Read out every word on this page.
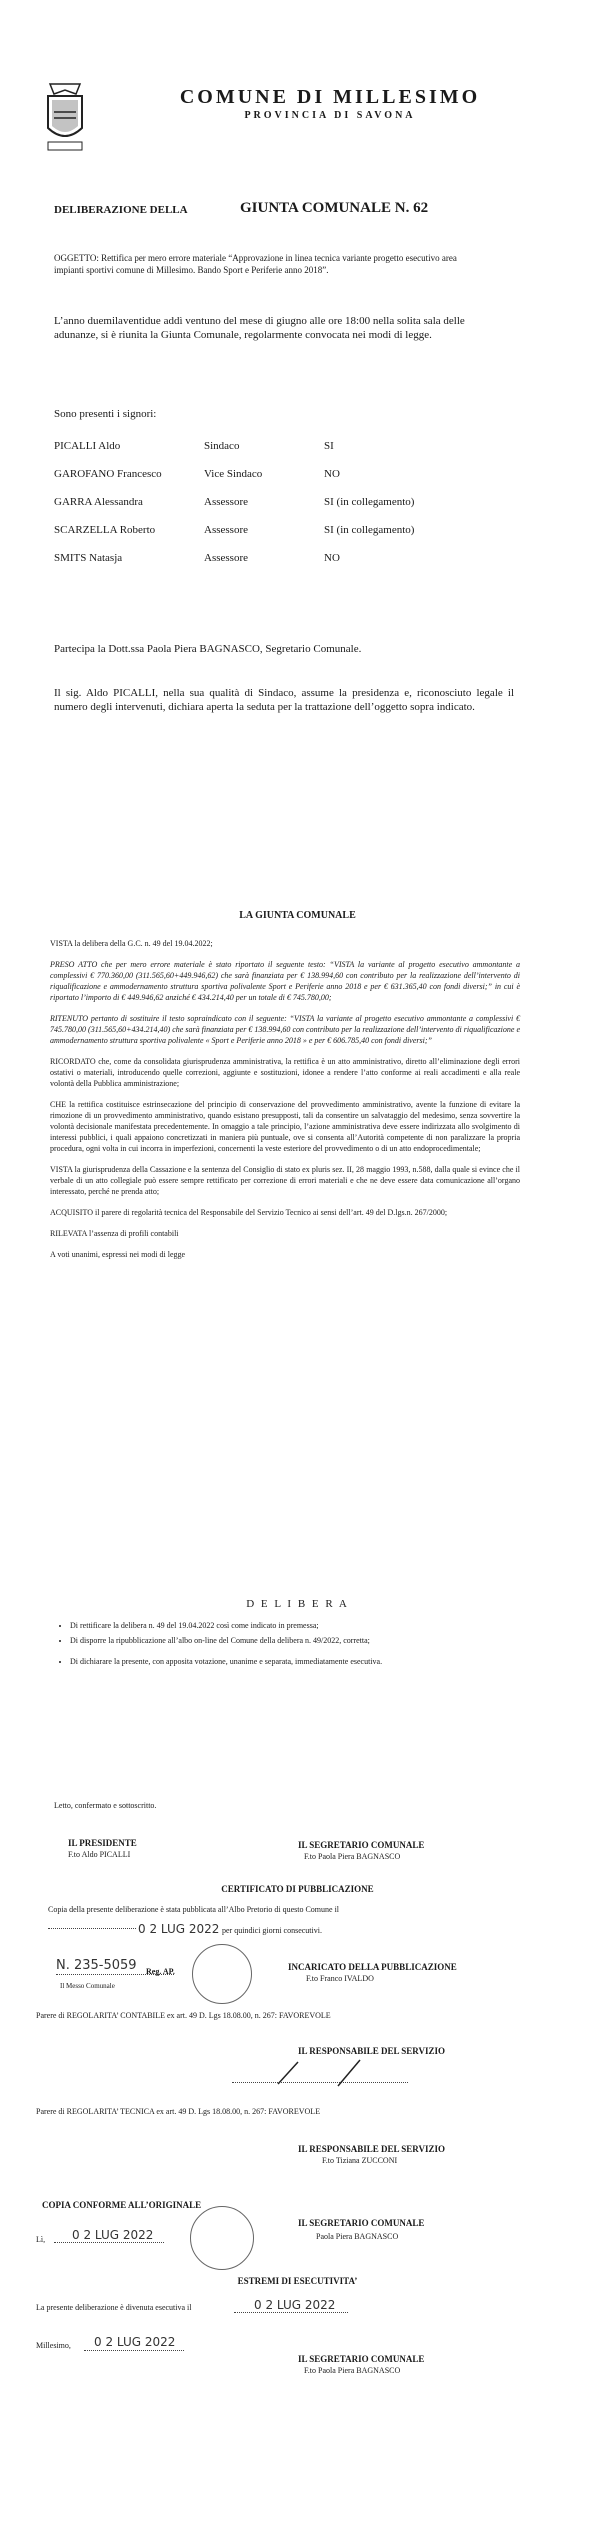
COMUNE DI MILLESIMO
PROVINCIA DI SAVONA
DELIBERAZIONE DELLA	GIUNTA COMUNALE N. 62
OGGETTO: Rettifica per mero errore materiale “Approvazione in linea tecnica variante progetto esecutivo area impianti sportivi comune di Millesimo. Bando Sport e Periferie anno 2018”.
L’anno duemilaventidue addì ventuno del mese di giugno alle ore 18:00 nella solita sala delle adunanze, si è riunita la Giunta Comunale, regolarmente convocata nei modi di legge.
Sono presenti i signori:
PICALLI Aldo	Sindaco	SI
GAROFANO Francesco	Vice Sindaco	NO
GARRA Alessandra	Assessore	SI (in collegamento)
SCARZELLA Roberto	Assessore	SI (in collegamento)
SMITS Natasja	Assessore	NO
Partecipa la Dott.ssa Paola Piera BAGNASCO, Segretario Comunale.
Il sig. Aldo PICALLI, nella sua qualità di Sindaco, assume la presidenza e, riconosciuto legale il numero degli intervenuti, dichiara aperta la seduta per la trattazione dell’oggetto sopra indicato.
LA GIUNTA COMUNALE

VISTA la delibera della G.C. n. 49 del 19.04.2022;

PRESO ATTO che per mero errore materiale è stato riportato il seguente testo: “VISTA la variante al progetto esecutivo ammontante a complessivi € 770.360,00 (311.565,60+449.946,62) che sarà finanziata per € 138.994,60 con contributo per la realizzazione dell’intervento di riqualificazione e ammodernamento struttura sportiva polivalente Sport e Periferie anno 2018 e per € 631.365,40 con fondi diversi;” in cui è riportato l’importo di € 449.946,62 anziché € 434.214,40 per un totale di € 745.780,00;

RITENUTO pertanto di sostituire il testo sopraindicato con il seguente: “VISTA la variante al progetto esecutivo ammontante a complessivi € 745.780,00 (311.565,60+434.214,40) che sarà finanziata per € 138.994,60 con contributo per la realizzazione dell’intervento di riqualificazione e ammodernamento struttura sportiva polivalente « Sport e Periferie anno 2018 » e per € 606.785,40 con fondi diversi;”

RICORDATO che, come da consolidata giurisprudenza amministrativa, la rettifica è un atto amministrativo, diretto all’eliminazione degli errori ostativi o materiali, introducendo quelle correzioni, aggiunte e sostituzioni, idonee a rendere l’atto conforme ai reali accadimenti e alla reale volontà della Pubblica amministrazione;

CHE la rettifica costituisce estrinsecazione del principio di conservazione del provvedimento amministrativo, avente la funzione di evitare la rimozione di un provvedimento amministrativo, quando esistano presupposti, tali da consentire un salvataggio del medesimo, senza sovvertire la volontà decisionale manifestata precedentemente. In omaggio a tale principio, l’azione amministrativa deve essere indirizzata allo svolgimento di interessi pubblici, i quali appaiono concretizzati in maniera più puntuale, ove si consenta all’Autorità competente di non paralizzare la propria procedura, ogni volta in cui incorra in imperfezioni, concernenti la veste esteriore del provvedimento o di un atto endoprocedimentale;

VISTA la giurisprudenza della Cassazione e la sentenza del Consiglio di stato ex pluris sez. II, 28 maggio 1993, n.588, dalla quale si evince che il verbale di un atto collegiale può essere sempre rettificato per correzione di errori materiali e che ne deve essere data comunicazione all’organo interessato, perché ne prenda atto;

ACQUISITO il parere di regolarità tecnica del Responsabile del Servizio Tecnico ai sensi dell’art. 49 del D.lgs.n. 267/2000;

RILEVATA l’assenza di profili contabili

A voti unanimi, espressi nei modi di legge

D E L I B E R A
• Di rettificare la delibera n. 49 del 19.04.2022 così come indicato in premessa;
• Di disporre la ripubblicazione all’albo on-line del Comune della delibera n. 49/2022, corretta;
• Di dichiarare la presente, con apposita votazione, unanime e separata, immediatamente esecutiva.
Letto, confermato e sottoscritto.
IL PRESIDENTE
F.to Aldo PICALLI
IL SEGRETARIO COMUNALE
F.to Paola Piera BAGNASCO
CERTIFICATO DI PUBBLICAZIONE
Copia della presente deliberazione è stata pubblicata all’Albo Pretorio di questo Comune il
0 2 LUG 2022 per quindici giorni consecutivi.
N. 235-5059 Reg. AP.
Il Messo Comunale
INCARICATO DELLA PUBBLICAZIONE
F.to Franco IVALDO
Parere di REGOLARITA’ CONTABILE ex art. 49 D. Lgs 18.08.00, n. 267: FAVOREVOLE
IL RESPONSABILE DEL SERVIZIO
Parere di REGOLARITA’ TECNICA ex art. 49 D. Lgs 18.08.00, n. 267: FAVOREVOLE
IL RESPONSABILE DEL SERVIZIO
F.to Tiziana ZUCCONI
COPIA CONFORME ALL’ORIGINALE
Lì, 0 2 LUG 2022
IL SEGRETARIO COMUNALE
Paola Piera BAGNASCO
ESTREMI DI ESECUTIVITA’
La presente deliberazione è divenuta esecutiva il	0 2 LUG 2022
Millesimo, 0 2 LUG 2022
IL SEGRETARIO COMUNALE
F.to Paola Piera BAGNASCO
